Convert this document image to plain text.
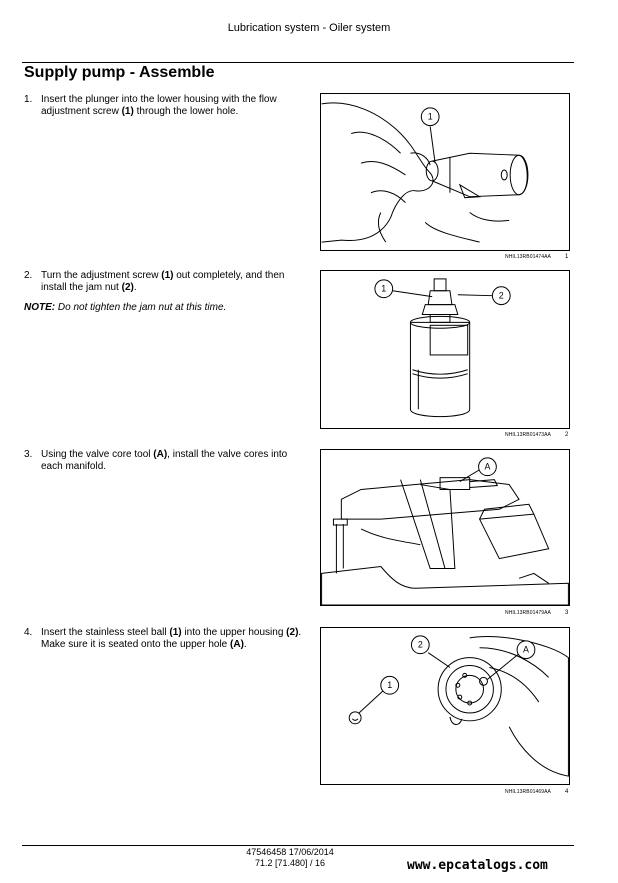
Lubrication system - Oiler system
Supply pump - Assemble
1. Insert the plunger into the lower housing with the flow adjustment screw (1) through the lower hole.	1
NHIL13RB01474AA 1
2. Turn the adjustment screw (1) out completely, and then install the jam nut (2).
NOTE: Do not tighten the jam nut at this time.
1
2
NHIL13RB01473AA 2
3. Using the valve core tool (A), install the valve cores into each manifold.	A
NHIL13RB01479AA 3
4. Insert the stainless steel ball (1) into the upper housing (2). Make sure it is seated onto the upper hole (A).	2	A
1
NHIL13RB01469AA 4
47546458 17/06/2014
71.2 [71.480] / 16	www.epcatalogs.com
